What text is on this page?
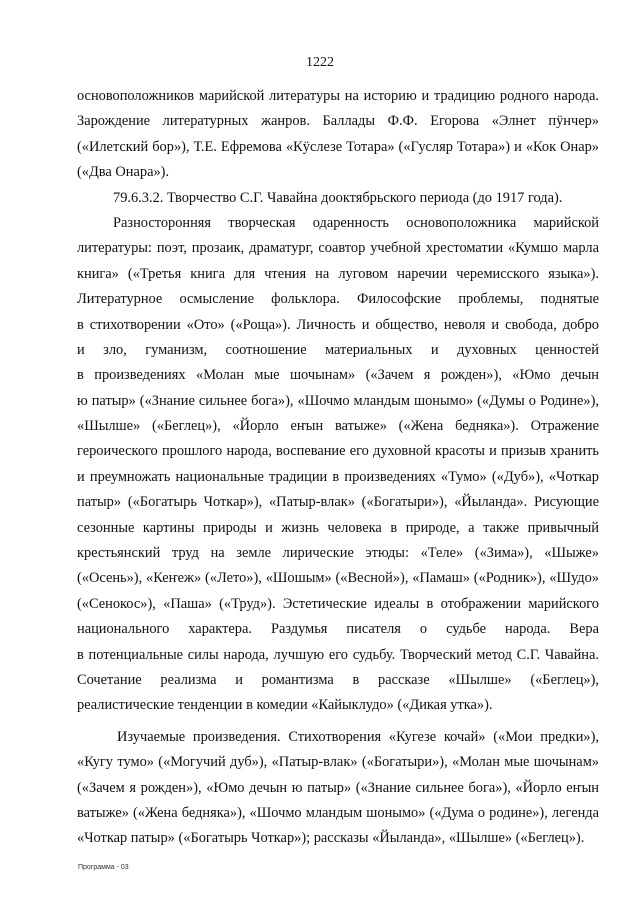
1222
основоположников марийской литературы на историю и традицию родного народа.
Зарождение литературных жанров. Баллады Ф.Ф. Егорова «Элнет пӱнчер»
(«Илетский бор»), Т.Е. Ефремова «Кӱслезе Тотара» («Гусляр Тотара») и «Кок Онар»
(«Два Онара»).
79.6.3.2. Творчество С.Г. Чавайна дооктябрьского периода (до 1917 года).
Разносторонняя творческая одаренность основоположника марийской
литературы: поэт, прозаик, драматург, соавтор учебной хрестоматии «Кумшо марла
книга» («Третья книга для чтения на луговом наречии черемисского языка»).
Литературное осмысление фольклора. Философские проблемы, поднятые
в стихотворении «Ото» («Роща»). Личность и общество, неволя и свобода, добро
и зло, гуманизм, соотношение материальных и духовных ценностей
в произведениях «Молан мые шочынам» («Зачем я рожден»), «Юмо дечын
ю патыр» («Знание сильнее бога»), «Шочмо мландым шонымо» («Думы о Родине»),
«Шылше» («Беглец»), «Йорло еҥын ватыже» («Жена бедняка»). Отражение
героического прошлого народа, воспевание его духовной красоты и призыв хранить
и преумножать национальные традиции в произведениях «Тумо» («Дуб»), «Чоткар
патыр» («Богатырь Чоткар»), «Патыр-влак» («Богатыри»), «Йыланда». Рисующие
сезонные картины природы и жизнь человека в природе, а также привычный
крестьянский труд на земле лирические этюды: «Теле» («Зима»), «Шыже»
(«Осень»), «Кеҥеж» («Лето»), «Шошым» («Весной»), «Памаш» («Родник»), «Шудо»
(«Сенокос»), «Паша» («Труд»). Эстетические идеалы в отображении марийского
национального характера. Раздумья писателя о судьбе народа. Вера
в потенциальные силы народа, лучшую его судьбу. Творческий метод С.Г. Чавайна.
Сочетание реализма и романтизма в рассказе «Шылше» («Беглец»),
реалистические тенденции в комедии «Кайыклудо» («Дикая утка»).
Изучаемые произведения. Стихотворения «Кугезе кочай» («Мои предки»),
«Кугу тумо» («Могучий дуб»), «Патыр-влак» («Богатыри»), «Молан мые шочынам»
(«Зачем я рожден»), «Юмо дечын ю патыр» («Знание сильнее бога»), «Йорло еҥын
ватыже» («Жена бедняка»), «Шочмо мландым шонымо» («Дума о родине»), легенда
«Чоткар патыр» («Богатырь Чоткар»); рассказы «Йыланда», «Шылше» («Беглец»).
Программа - 03
